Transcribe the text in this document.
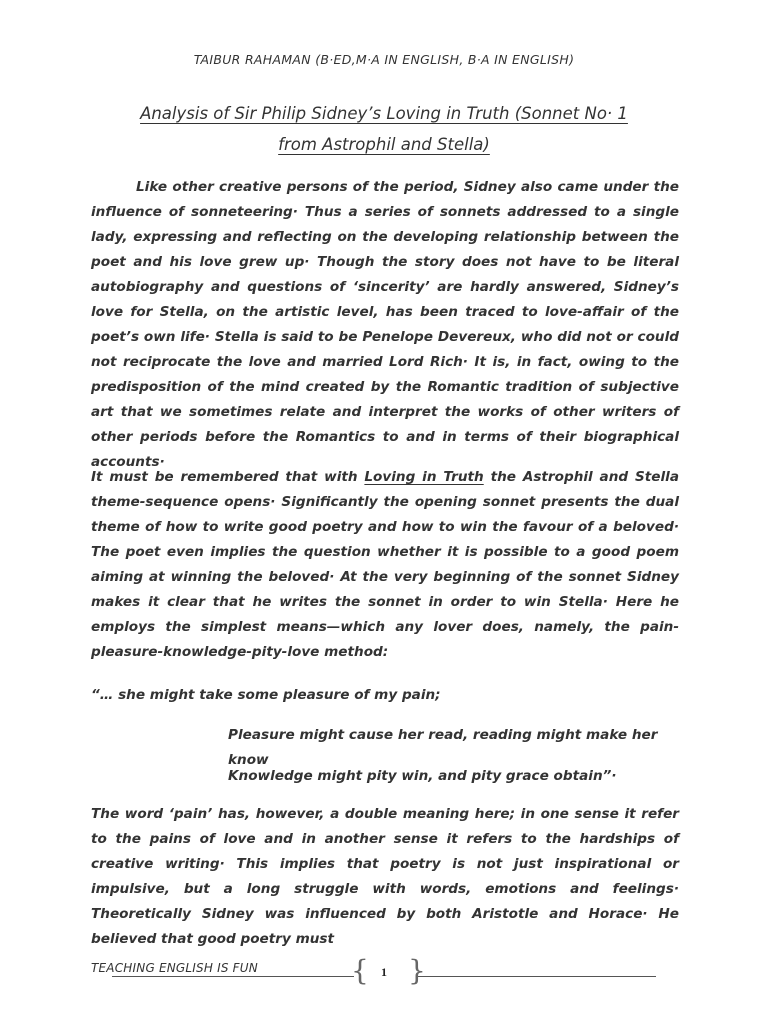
TAIBUR RAHAMAN (B·ED,M·A IN ENGLISH, B·A IN ENGLISH)
Analysis of Sir Philip Sidney’s Loving in Truth (Sonnet No· 1
from Astrophil and Stella)
Like other creative persons of the period, Sidney also came under the influence of sonneteering· Thus a series of sonnets addressed to a single lady, expressing and reflecting on the developing relationship between the poet and his love grew up· Though the story does not have to be literal autobiography and questions of ‘sincerity’ are hardly answered, Sidney’s love for Stella, on the artistic level, has been traced to love-affair of the poet’s own life· Stella is said to be Penelope Devereux, who did not or could not reciprocate the love and married Lord Rich· It is, in fact, owing to the predisposition of the mind created by the Romantic tradition of subjective art that we sometimes relate and interpret the works of other writers of other periods before the Romantics to and in terms of their biographical accounts·
It must be remembered that with Loving in Truth the Astrophil and Stella theme-sequence opens· Significantly the opening sonnet presents the dual theme of how to write good poetry and how to win the favour of a beloved· The poet even implies the question whether it is possible to a good poem aiming at winning the beloved· At the very beginning of the sonnet Sidney makes it clear that he writes the sonnet in order to win Stella· Here he employs the simplest means—which any lover does, namely, the pain-pleasure-knowledge-pity-love method:
“… she might take some pleasure of my pain;
Pleasure might cause her read, reading might make her know
Knowledge might pity win, and pity grace obtain”·
The word ‘pain’ has, however, a double meaning here; in one sense it refer to the pains of love and in another sense it refers to the hardships of creative writing· This implies that poetry is not just inspirational or impulsive, but a long struggle with words, emotions and feelings· Theoretically Sidney was influenced by both Aristotle and Horace· He believed that good poetry must
TEACHING ENGLISH IS FUN	{ 1 }
